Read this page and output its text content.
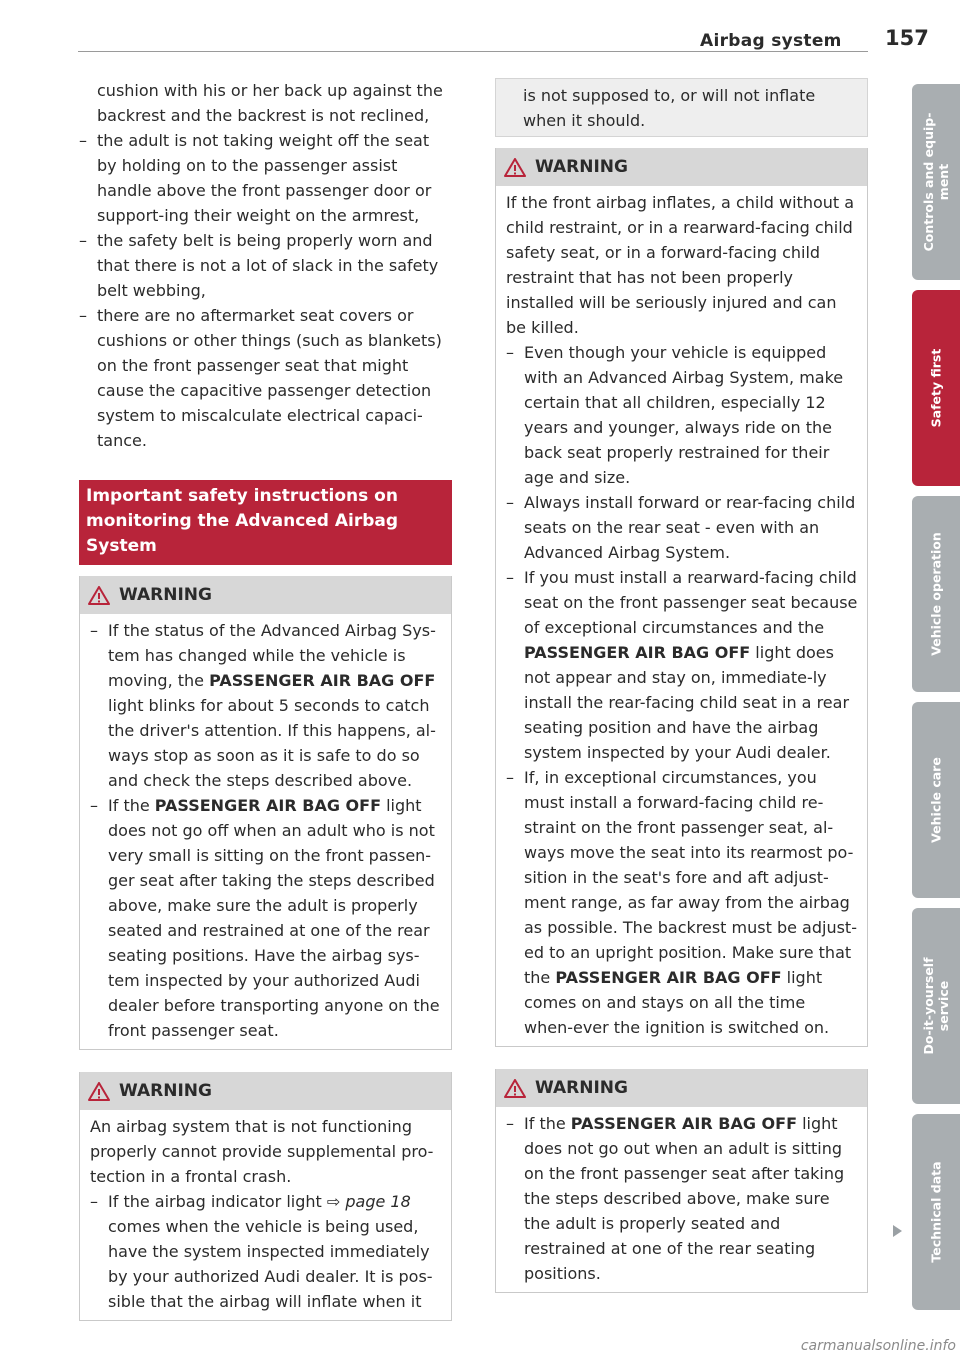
Airbag system 157

cushion with his or her back up against the backrest and the backrest is not reclined,

– the adult is not taking weight off the seat by holding on to the passenger assist handle above the front passenger door or support-ing their weight on the armrest,
– the safety belt is being properly worn and that there is not a lot of slack in the safety belt webbing,
– there are no aftermarket seat covers or cushions or other things (such as blankets) on the front passenger seat that might cause the capacitive passenger detection system to miscalculate electrical capaci-tance.
Important safety instructions on monitoring the Advanced Airbag System
WARNING
– If the status of the Advanced Airbag Sys-tem has changed while the vehicle is moving, the PASSENGER AIR BAG OFF light blinks for about 5 seconds to catch the driver's attention. If this happens, al-ways stop as soon as it is safe to do so and check the steps described above.
– If the PASSENGER AIR BAG OFF light does not go off when an adult who is not very small is sitting on the front passen-ger seat after taking the steps described above, make sure the adult is properly seated and restrained at one of the rear seating positions. Have the airbag sys-tem inspected by your authorized Audi dealer before transporting anyone on the front passenger seat.
WARNING

An airbag system that is not functioning properly cannot provide supplemental pro-tection in a frontal crash.

– If the airbag indicator light ⇨ page 18 comes when the vehicle is being used, have the system inspected immediately by your authorized Audi dealer. It is pos-sible that the airbag will inflate when it

is not supposed to, or will not inflate when it should.

WARNING

If the front airbag inflates, a child without a child restraint, or in a rearward-facing child safety seat, or in a forward-facing child restraint that has not been properly installed will be seriously injured and can be killed.

– Even though your vehicle is equipped with an Advanced Airbag System, make certain that all children, especially 12 years and younger, always ride on the back seat properly restrained for their age and size.
– Always install forward or rear-facing child seats on the rear seat - even with an Advanced Airbag System.
– If you must install a rearward-facing child seat on the front passenger seat because of exceptional circumstances and the PASSENGER AIR BAG OFF light does not appear and stay on, immediate-ly install the rear-facing child seat in a rear seating position and have the airbag system inspected by your Audi dealer.
– If, in exceptional circumstances, you must install a forward-facing child re-straint on the front passenger seat, al-ways move the seat into its rearmost po-sition in the seat's fore and aft adjust-ment range, as far away from the airbag as possible. The backrest must be adjust-ed to an upright position. Make sure that the PASSENGER AIR BAG OFF light comes on and stays on all the time when-ever the ignition is switched on.
WARNING
– If the PASSENGER AIR BAG OFF light does not go out when an adult is sitting on the front passenger seat after taking the steps described above, make sure the adult is properly seated and restrained at one of the rear seating positions.
Controls and equip-
ment
Safety first
Vehicle operation
Vehicle care
Do-it-yourself
service
Technical data
carmanualsonline.info
